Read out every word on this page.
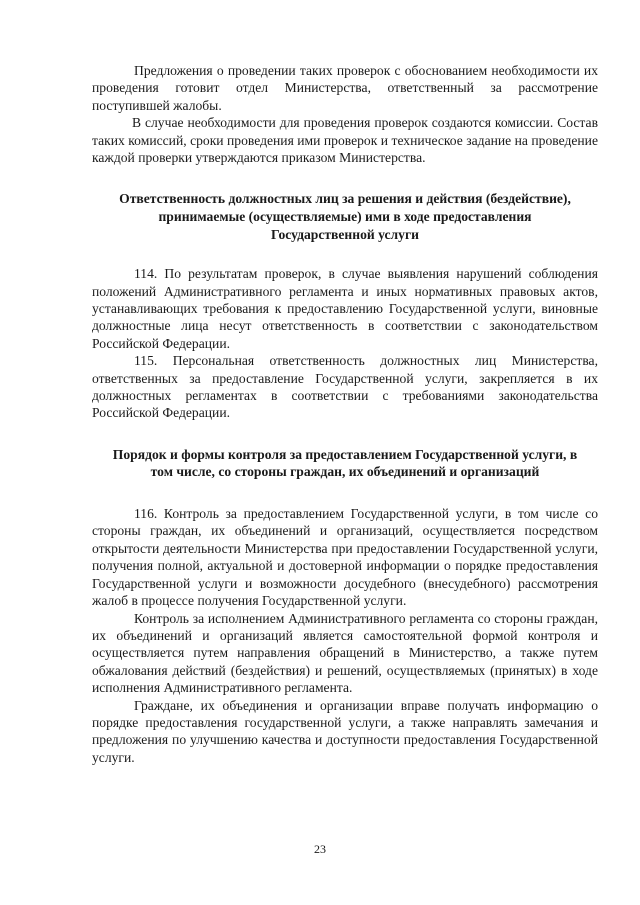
Предложения о проведении таких проверок с обоснованием необходимости их проведения готовит отдел Министерства, ответственный за рассмотрение поступившей жалобы.

В случае необходимости для проведения проверок создаются комиссии. Состав таких комиссий, сроки проведения ими проверок и техническое задание на проведение каждой проверки утверждаются приказом Министерства.

Ответственность должностных лиц за решения и действия (бездействие), принимаемые (осуществляемые) ими в ходе предоставления Государственной услуги

114. По результатам проверок, в случае выявления нарушений соблюдения положений Административного регламента и иных нормативных правовых актов, устанавливающих требования к предоставлению Государственной услуги, виновные должностные лица несут ответственность в соответствии с законодательством Российской Федерации.

115. Персональная ответственность должностных лиц Министерства, ответственных за предоставление Государственной услуги, закрепляется в их должностных регламентах в соответствии с требованиями законодательства Российской Федерации.

Порядок и формы контроля за предоставлением Государственной услуги, в том числе, со стороны граждан, их объединений и организаций

116. Контроль за предоставлением Государственной услуги, в том числе со стороны граждан, их объединений и организаций, осуществляется посредством открытости деятельности Министерства при предоставлении Государственной услуги, получения полной, актуальной и достоверной информации о порядке предоставления Государственной услуги и возможности досудебного (внесудебного) рассмотрения жалоб в процессе получения Государственной услуги.

Контроль за исполнением Административного регламента со стороны граждан, их объединений и организаций является самостоятельной формой контроля и осуществляется путем направления обращений в Министерство, а также путем обжалования действий (бездействия) и решений, осуществляемых (принятых) в ходе исполнения Административного регламента.

Граждане, их объединения и организации вправе получать информацию о порядке предоставления государственной услуги, а также направлять замечания и предложения по улучшению качества и доступности предоставления Государственной услуги.

23
